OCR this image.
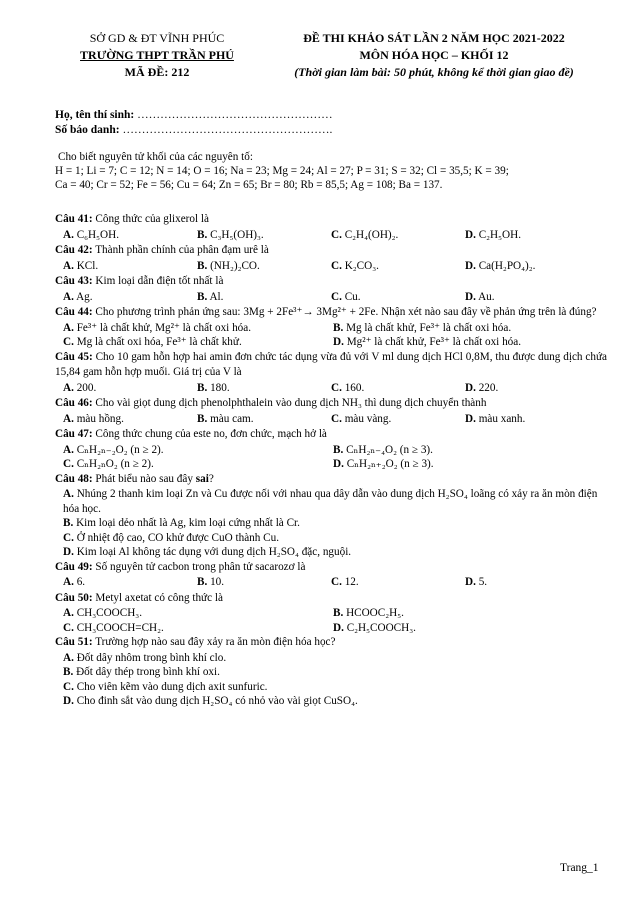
SỞ GD & ĐT VĨNH PHÚC
TRƯỜNG THPT TRẦN PHÚ
MÃ ĐỀ: 212
ĐỀ THI KHẢO SÁT LẦN 2 NĂM HỌC 2021-2022
MÔN HÓA HỌC – KHỐI 12
(Thời gian làm bài: 50 phút, không kể thời gian giao đề)
Họ, tên thí sinh: ……………………………………………
Số báo danh: ……………………………………………….
Cho biết nguyên tử khối của các nguyên tố:
H = 1; Li = 7; C = 12; N = 14; O = 16; Na = 23; Mg = 24; Al = 27; P = 31; S = 32; Cl = 35,5; K = 39;
Ca = 40; Cr = 52; Fe = 56; Cu = 64; Zn = 65; Br = 80; Rb = 85,5; Ag = 108; Ba = 137.
Câu 41: Công thức của glixerol là
A. C₆H₅OH.	B. C₃H₅(OH)₃.	C. C₂H₄(OH)₂.	D. C₂H₅OH.
Câu 42: Thành phần chính của phân đạm urê là
A. KCl.	B. (NH₂)₂CO.	C. K₂CO₃.	D. Ca(H₂PO₄)₂.
Câu 43: Kim loại dẫn điện tốt nhất là
A. Ag.	B. Al.	C. Cu.	D. Au.
Câu 44: Cho phương trình phản ứng sau: 3Mg + 2Fe³⁺→ 3Mg²⁺ + 2Fe. Nhận xét nào sau đây về phản ứng trên là đúng?
A. Fe³⁺ là chất khử, Mg²⁺ là chất oxi hóa.	B. Mg là chất khử, Fe³⁺ là chất oxi hóa.
C. Mg là chất oxi hóa, Fe³⁺ là chất khử.	D. Mg²⁺ là chất khử, Fe³⁺ là chất oxi hóa.
Câu 45: Cho 10 gam hỗn hợp hai amin đơn chức tác dụng vừa đủ với V ml dung dịch HCl 0,8M, thu được dung dịch chứa 15,84 gam hỗn hợp muối. Giá trị của V là
A. 200.	B. 180.	C. 160.	D. 220.
Câu 46: Cho vài giọt dung dịch phenolphthalein vào dung dịch NH₃ thì dung dịch chuyển thành
A. màu hồng.	B. màu cam.	C. màu vàng.	D. màu xanh.
Câu 47: Công thức chung của este no, đơn chức, mạch hở là
A. CₙH₂ₙ₋₂O₂ (n ≥ 2).	B. CₙH₂ₙ₋₄O₂ (n ≥ 3).
C. CₙH₂ₙO₂ (n ≥ 2).	D. CₙH₂ₙ₊₂O₂ (n ≥ 3).
Câu 48: Phát biểu nào sau đây sai?
A. Nhúng 2 thanh kim loại Zn và Cu được nối với nhau qua dây dẫn vào dung dịch H₂SO₄ loãng có xảy ra ăn mòn điện hóa học.
B. Kim loại dẻo nhất là Ag, kim loại cứng nhất là Cr.
C. Ở nhiệt độ cao, CO khử được CuO thành Cu.
D. Kim loại Al không tác dụng với dung dịch H₂SO₄ đặc, nguội.
Câu 49: Số nguyên tử cacbon trong phân tử sacarozơ là
A. 6.	B. 10.	C. 12.	D. 5.
Câu 50: Metyl axetat có công thức là
A. CH₃COOCH₃.	B. HCOOC₂H₅.
C. CH₃COOCH=CH₂.	D. C₂H₅COOCH₃.
Câu 51: Trường hợp nào sau đây xảy ra ăn mòn điện hóa học?
A. Đốt dây nhôm trong bình khí clo.
B. Đốt dây thép trong bình khí oxi.
C. Cho viên kẽm vào dung dịch axit sunfuric.
D. Cho đinh sắt vào dung dịch H₂SO₄ có nhỏ vào vài giọt CuSO₄.
Trang_1
